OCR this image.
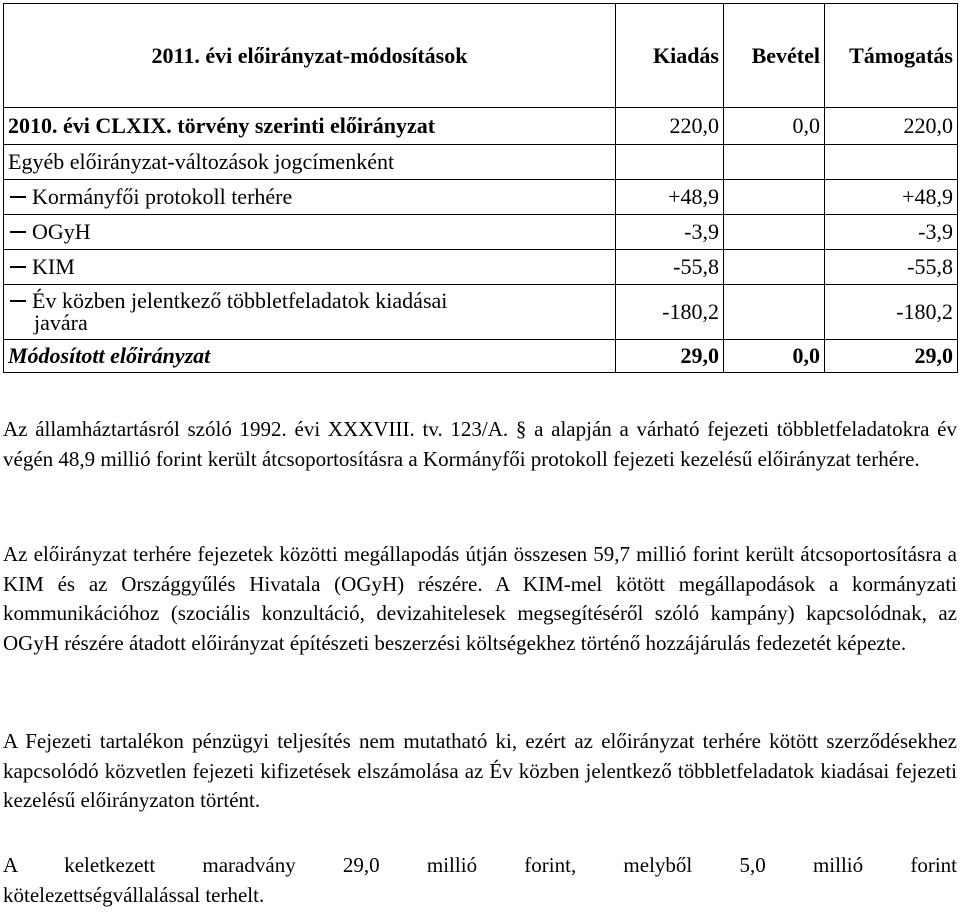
2011. évi előirányzat-módosítások	Kiadás	Bevétel	Támogatás
2010. évi CLXIX. törvény szerinti előirányzat	220,0	0,0	220,0
Egyéb előirányzat-változások jogcímenként			
Kormányfői protokoll terhére	+48,9		+48,9
OGyH	-3,9		-3,9
KIM	-55,8		-55,8
Év közben jelentkező többletfeladatok kiadásai
javára	-180,2		-180,2
Módosított előirányzat	29,0	0,0	29,0

Az államháztartásról szóló 1992. évi XXXVIII. tv. 123/A. § a alapján a várható fejezeti többletfeladatokra év végén 48,9 millió forint került átcsoportosításra a Kormányfői protokoll fejezeti kezelésű előirányzat terhére.

Az előirányzat terhére fejezetek közötti megállapodás útján összesen 59,7 millió forint került átcsoportosításra a KIM és az Országgyűlés Hivatala (OGyH) részére. A KIM-mel kötött megállapodások a kormányzati kommunikációhoz (szociális konzultáció, devizahitelesek megsegítéséről szóló kampány) kapcsolódnak, az OGyH részére átadott előirányzat építészeti beszerzési költségekhez történő hozzájárulás fedezetét képezte.

A Fejezeti tartalékon pénzügyi teljesítés nem mutatható ki, ezért az előirányzat terhére kötött szerződésekhez kapcsolódó közvetlen fejezeti kifizetések elszámolása az Év közben jelentkező többletfeladatok kiadásai fejezeti kezelésű előirányzaton történt.

A keletkezett maradvány 29,0 millió forint, melyből 5,0 millió forint
kötelezettségvállalással terhelt.
